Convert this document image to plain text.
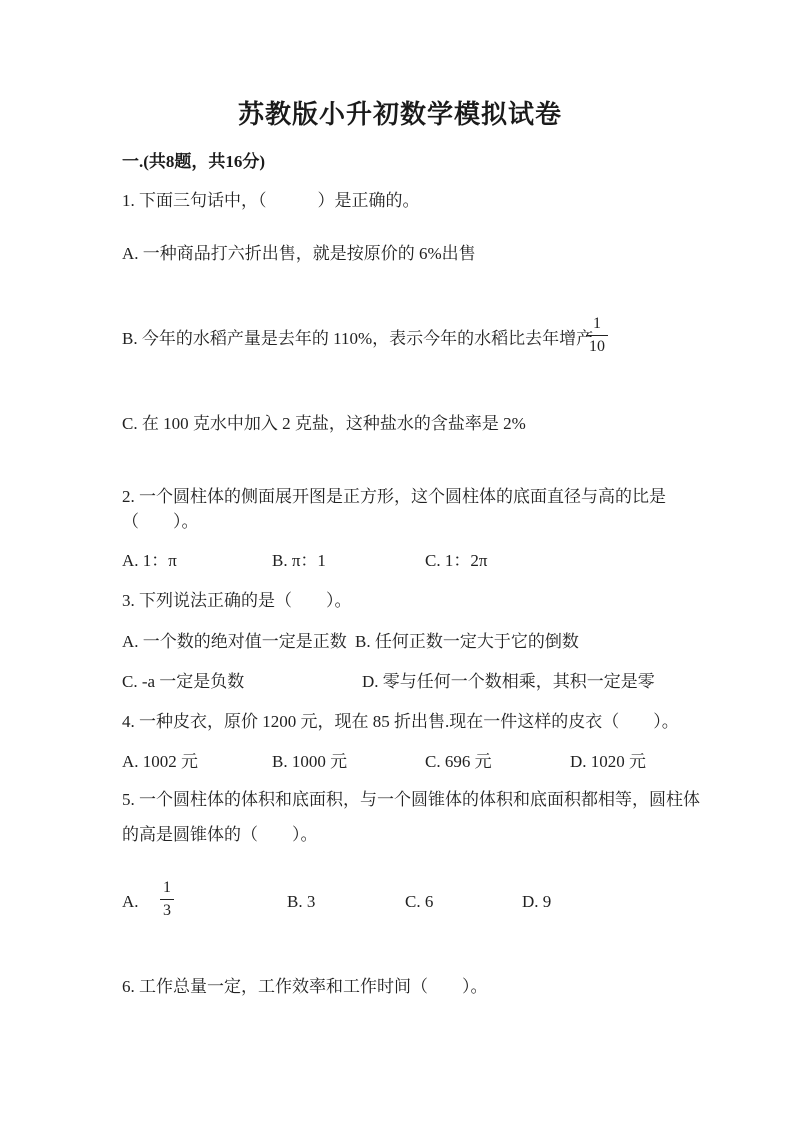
苏教版小升初数学模拟试卷
一.(共8题，共16分)
1. 下面三句话中，（　　　）是正确的。
A. 一种商品打六折出售，就是按原价的 6%出售
B. 今年的水稻产量是去年的 110%，表示今年的水稻比去年增产
$\frac{1}{10}$
C. 在 100 克水中加入 2 克盐，这种盐水的含盐率是 2%
2. 一个圆柱体的侧面展开图是正方形，这个圆柱体的底面直径与高的比是
（　　）。
A. 1：π	B. π：1	C. 1：2π
3. 下列说法正确的是（　　）。
A. 一个数的绝对值一定是正数 B. 任何正数一定大于它的倒数
C. -a 一定是负数	D. 零与任何一个数相乘，其积一定是零
4. 一种皮衣，原价 1200 元，现在 85 折出售.现在一件这样的皮衣（　　）。
A. 1002 元	B. 1000 元	C. 696 元	D. 1020 元
5. 一个圆柱体的体积和底面积，与一个圆锥体的体积和底面积都相等，圆柱体
的高是圆锥体的（　　）。
A. $\frac{1}{3}$	B. 3	C. 6	D. 9
6. 工作总量一定，工作效率和工作时间（　　）。
